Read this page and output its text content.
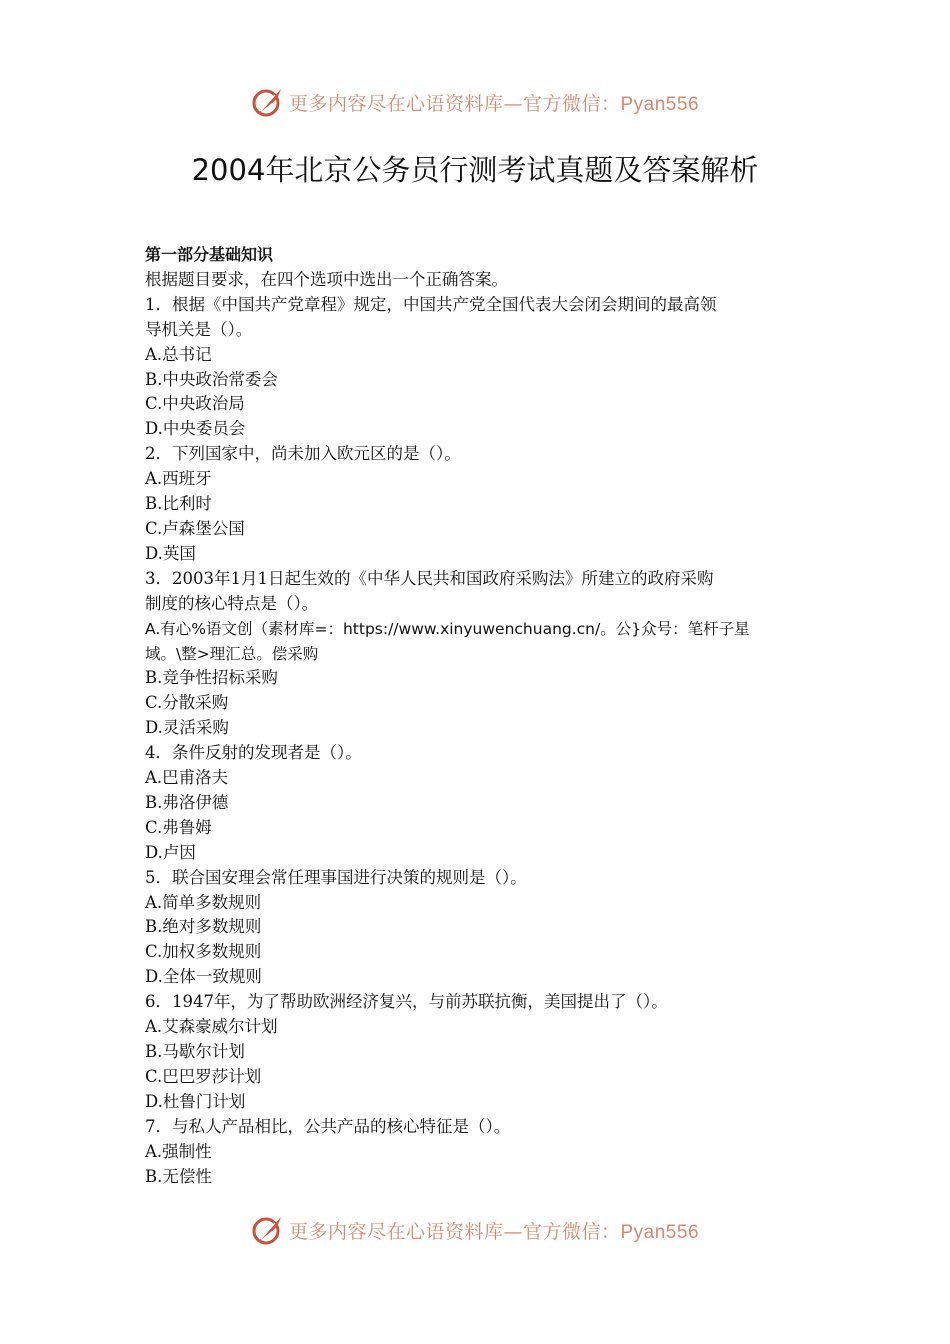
更多内容尽在心语资料库—官方微信：Pyan556
2004年北京公务员行测考试真题及答案解析
第一部分基础知识
根据题目要求，在四个选项中选出一个正确答案。
1．根据《中国共产党章程》规定，中国共产党全国代表大会闭会期间的最高领
导机关是（）。
A.总书记
B.中央政治常委会
C.中央政治局
D.中央委员会
2．下列国家中，尚未加入欧元区的是（）。
A.西班牙
B.比利时
C.卢森堡公国
D.英国
3．2003年1月1日起生效的《中华人民共和国政府采购法》所建立的政府采购
制度的核心特点是（）。
A.有心%语文创（素材库=：https://www.xinyuwenchuang.cn/。公}众号：笔杆子星
域。\整>理汇总。偿采购
B.竞争性招标采购
C.分散采购
D.灵活采购
4．条件反射的发现者是（）。
A.巴甫洛夫
B.弗洛伊德
C.弗鲁姆
D.卢因
5．联合国安理会常任理事国进行决策的规则是（）。
A.简单多数规则
B.绝对多数规则
C.加权多数规则
D.全体一致规则
6．1947年，为了帮助欧洲经济复兴，与前苏联抗衡，美国提出了（）。
A.艾森豪威尔计划
B.马歇尔计划
C.巴巴罗莎计划
D.杜鲁门计划
7．与私人产品相比，公共产品的核心特征是（）。
A.强制性
B.无偿性
更多内容尽在心语资料库—官方微信：Pyan556
